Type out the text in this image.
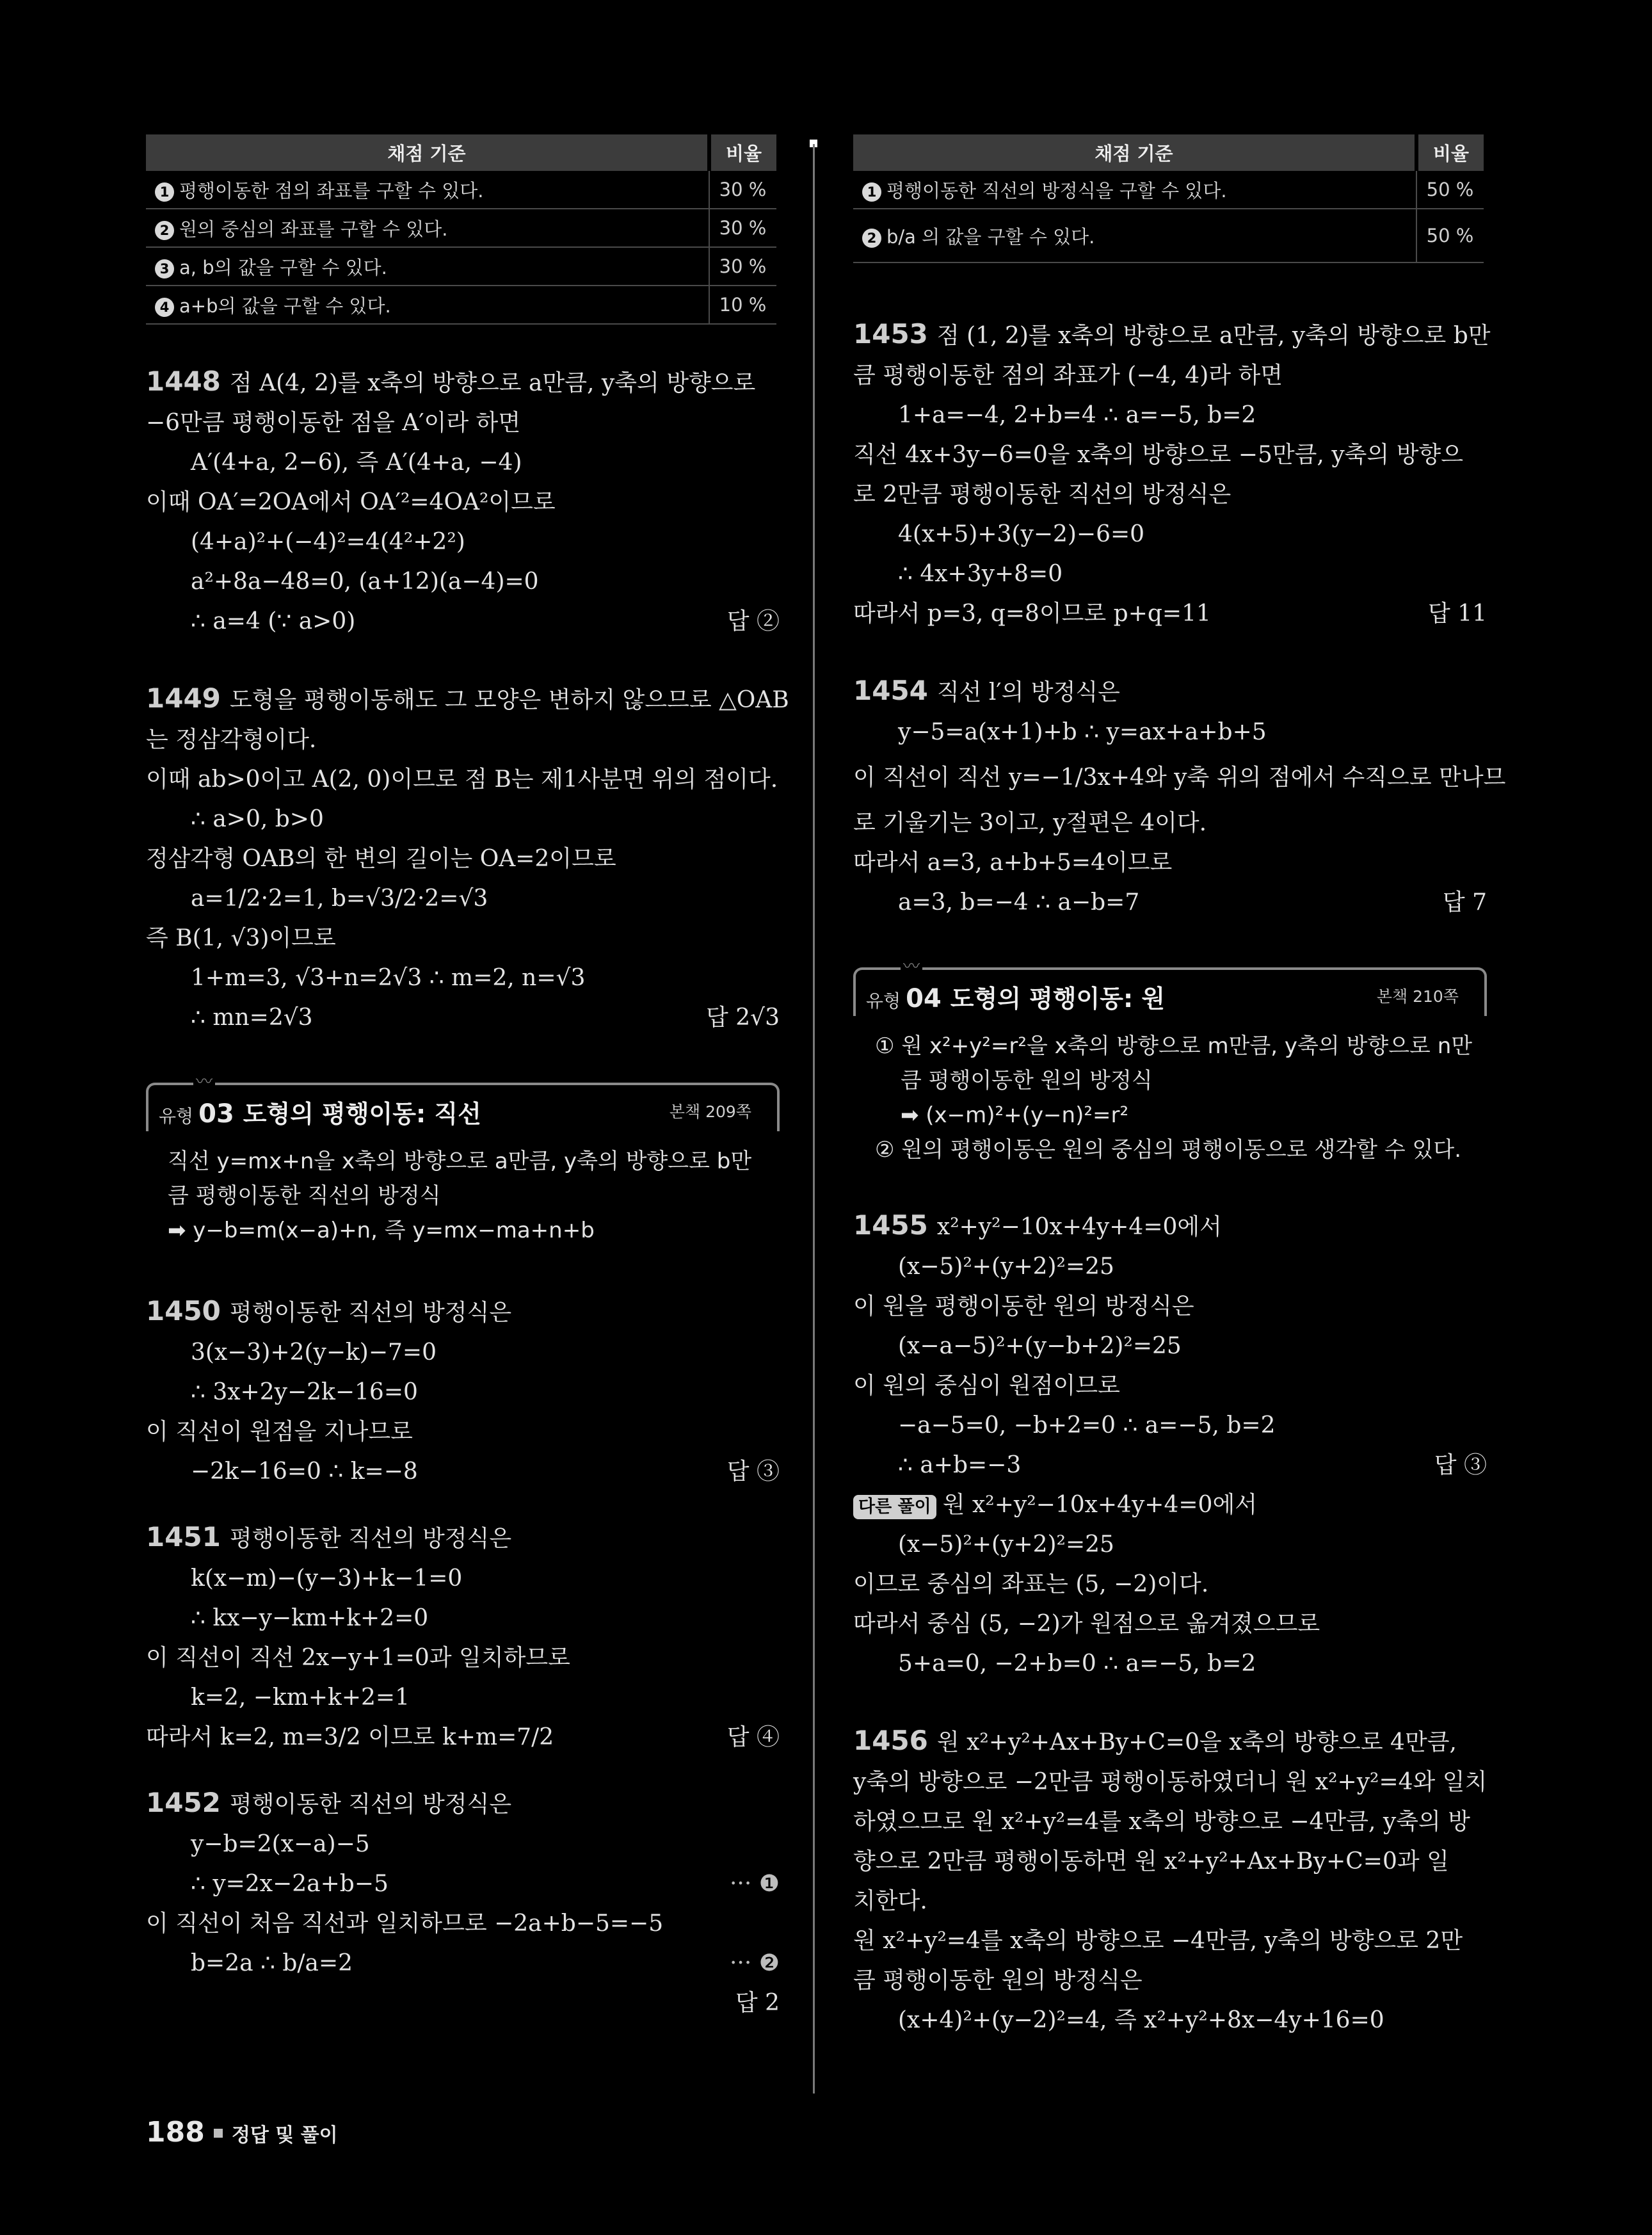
채점 기준	비율
1 평행이동한 점의 좌표를 구할 수 있다.	30 %
2 원의 중심의 좌표를 구할 수 있다.	30 %
3 a, b의 값을 구할 수 있다.	30 %
4 a+b의 값을 구할 수 있다.	10 %
1448 점 A(4, 2)를 x축의 방향으로 a만큼, y축의 방향으로
−6만큼 평행이동한 점을 A′이라 하면
A′(4+a, 2−6), 즉 A′(4+a, −4)
이때 OA′=2OA에서 OA′²=4OA²이므로
(4+a)²+(−4)²=4(4²+2²)
a²+8a−48=0, (a+12)(a−4)=0
∴ a=4 (∵ a>0)	답 ②
1449 도형을 평행이동해도 그 모양은 변하지 않으므로 △OAB
는 정삼각형이다.
이때 ab>0이고 A(2, 0)이므로 점 B는 제1사분면 위의 점이다.
∴ a>0, b>0
정삼각형 OAB의 한 변의 길이는 OA=2이므로
a=1/2·2=1, b=√3/2·2=√3
즉 B(1, √3)이므로
1+m=3, √3+n=2√3 ∴ m=2, n=√3
∴ mn=2√3	답 2√3
〰
유형 03 도형의 평행이동: 직선	본책 209쪽
직선 y=mx+n을 x축의 방향으로 a만큼, y축의 방향으로 b만
큼 평행이동한 직선의 방정식
➡ y−b=m(x−a)+n, 즉 y=mx−ma+n+b
1450 평행이동한 직선의 방정식은
3(x−3)+2(y−k)−7=0
∴ 3x+2y−2k−16=0
이 직선이 원점을 지나므로
−2k−16=0 ∴ k=−8	답 ③
1451 평행이동한 직선의 방정식은
k(x−m)−(y−3)+k−1=0
∴ kx−y−km+k+2=0
이 직선이 직선 2x−y+1=0과 일치하므로
k=2, −km+k+2=1
따라서 k=2, m=3/2 이므로 k+m=7/2	답 ④
1452 평행이동한 직선의 방정식은
y−b=2(x−a)−5
∴ y=2x−2a+b−5	··· ❶
이 직선이 처음 직선과 일치하므로 −2a+b−5=−5
b=2a ∴ b/a=2	··· ❷
답 2

채점 기준	비율
1 평행이동한 직선의 방정식을 구할 수 있다.	50 %
2 b/a 의 값을 구할 수 있다.	50 %
1453 점 (1, 2)를 x축의 방향으로 a만큼, y축의 방향으로 b만
큼 평행이동한 점의 좌표가 (−4, 4)라 하면
1+a=−4, 2+b=4 ∴ a=−5, b=2
직선 4x+3y−6=0을 x축의 방향으로 −5만큼, y축의 방향으
로 2만큼 평행이동한 직선의 방정식은
4(x+5)+3(y−2)−6=0
∴ 4x+3y+8=0
따라서 p=3, q=8이므로 p+q=11	답 11
1454 직선 l′의 방정식은
y−5=a(x+1)+b ∴ y=ax+a+b+5
이 직선이 직선 y=−1/3x+4와 y축 위의 점에서 수직으로 만나므
로 기울기는 3이고, y절편은 4이다.
따라서 a=3, a+b+5=4이므로
a=3, b=−4 ∴ a−b=7	답 7
〰
유형 04 도형의 평행이동: 원	본책 210쪽
① 원 x²+y²=r²을 x축의 방향으로 m만큼, y축의 방향으로 n만
큼 평행이동한 원의 방정식
➡ (x−m)²+(y−n)²=r²
② 원의 평행이동은 원의 중심의 평행이동으로 생각할 수 있다.
1455 x²+y²−10x+4y+4=0에서
(x−5)²+(y+2)²=25
이 원을 평행이동한 원의 방정식은
(x−a−5)²+(y−b+2)²=25
이 원의 중심이 원점이므로
−a−5=0, −b+2=0 ∴ a=−5, b=2
∴ a+b=−3	답 ③
다른 풀이 원 x²+y²−10x+4y+4=0에서
(x−5)²+(y+2)²=25
이므로 중심의 좌표는 (5, −2)이다.
따라서 중심 (5, −2)가 원점으로 옮겨졌으므로
5+a=0, −2+b=0 ∴ a=−5, b=2
1456 원 x²+y²+Ax+By+C=0을 x축의 방향으로 4만큼,
y축의 방향으로 −2만큼 평행이동하였더니 원 x²+y²=4와 일치
하였으므로 원 x²+y²=4를 x축의 방향으로 −4만큼, y축의 방
향으로 2만큼 평행이동하면 원 x²+y²+Ax+By+C=0과 일
치한다.
원 x²+y²=4를 x축의 방향으로 −4만큼, y축의 방향으로 2만
큼 평행이동한 원의 방정식은
(x+4)²+(y−2)²=4, 즉 x²+y²+8x−4y+16=0
188 정답 및 풀이
